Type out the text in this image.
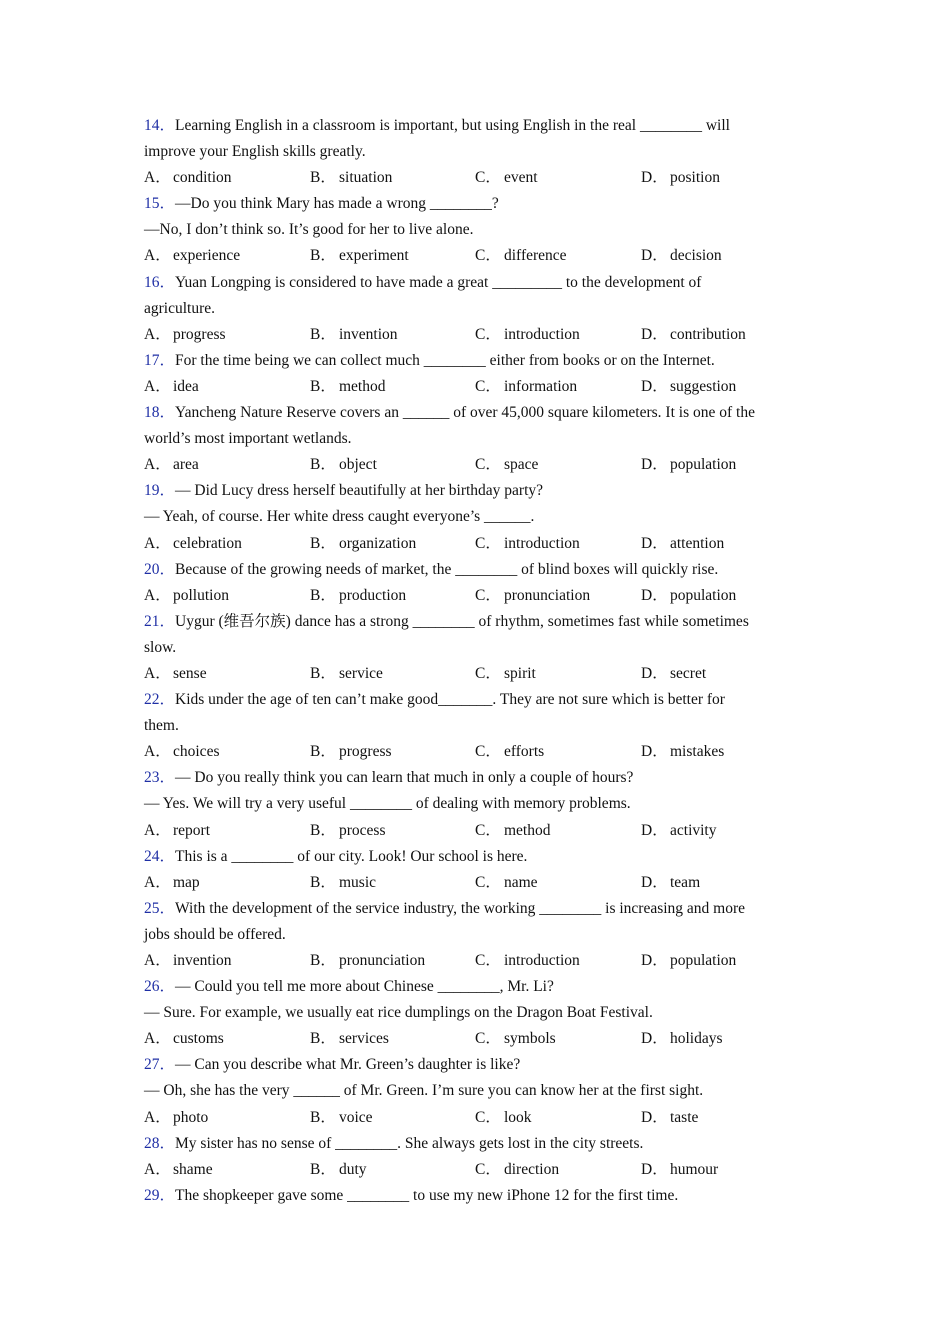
14．Learning English in a classroom is important, but using English in the real ________ will
improve your English skills greatly.
A． condition	B． situation	C． event	D． position
15．—Do you think Mary has made a wrong ________?
—No, I don’t think so. It’s good for her to live alone.
A． experience	B． experiment	C． difference	D． decision
16．Yuan Longping is considered to have made a great _________ to the development of
agriculture.
A． progress	B． invention	C． introduction	D． contribution
17．For the time being we can collect much ________ either from books or on the Internet.
A． idea	B． method	C． information	D． suggestion
18．Yancheng Nature Reserve covers an ______ of over 45,000 square kilometers. It is one of the
world’s most important wetlands.
A． area	B． object	C． space	D． population
19．— Did Lucy dress herself beautifully at her birthday party?
— Yeah, of course. Her white dress caught everyone’s ______.
A． celebration	B． organization	C． introduction	D． attention
20．Because of the growing needs of market, the ________ of blind boxes will quickly rise.
A． pollution	B． production	C． pronunciation	D． population
21．Uygur (维吾尔族) dance has a strong ________ of rhythm, sometimes fast while sometimes
slow.
A． sense	B． service	C． spirit	D． secret
22．Kids under the age of ten can’t make good_______. They are not sure which is better for
them.
A． choices	B． progress	C． efforts	D． mistakes
23．— Do you really think you can learn that much in only a couple of hours?
— Yes. We will try a very useful ________ of dealing with memory problems.
A． report	B． process	C． method	D． activity
24．This is a ________ of our city. Look! Our school is here.
A． map	B． music	C． name	D． team
25．With the development of the service industry, the working ________ is increasing and more
jobs should be offered.
A． invention	B． pronunciation	C． introduction	D． population
26．— Could you tell me more about Chinese ________, Mr. Li?
— Sure. For example, we usually eat rice dumplings on the Dragon Boat Festival.
A． customs	B． services	C． symbols	D． holidays
27．— Can you describe what Mr. Green’s daughter is like?
— Oh, she has the very ______ of Mr. Green. I’m sure you can know her at the first sight.
A． photo	B． voice	C． look	D． taste
28．My sister has no sense of ________. She always gets lost in the city streets.
A． shame	B． duty	C． direction	D． humour
29．The shopkeeper gave some ________ to use my new iPhone 12 for the first time.
